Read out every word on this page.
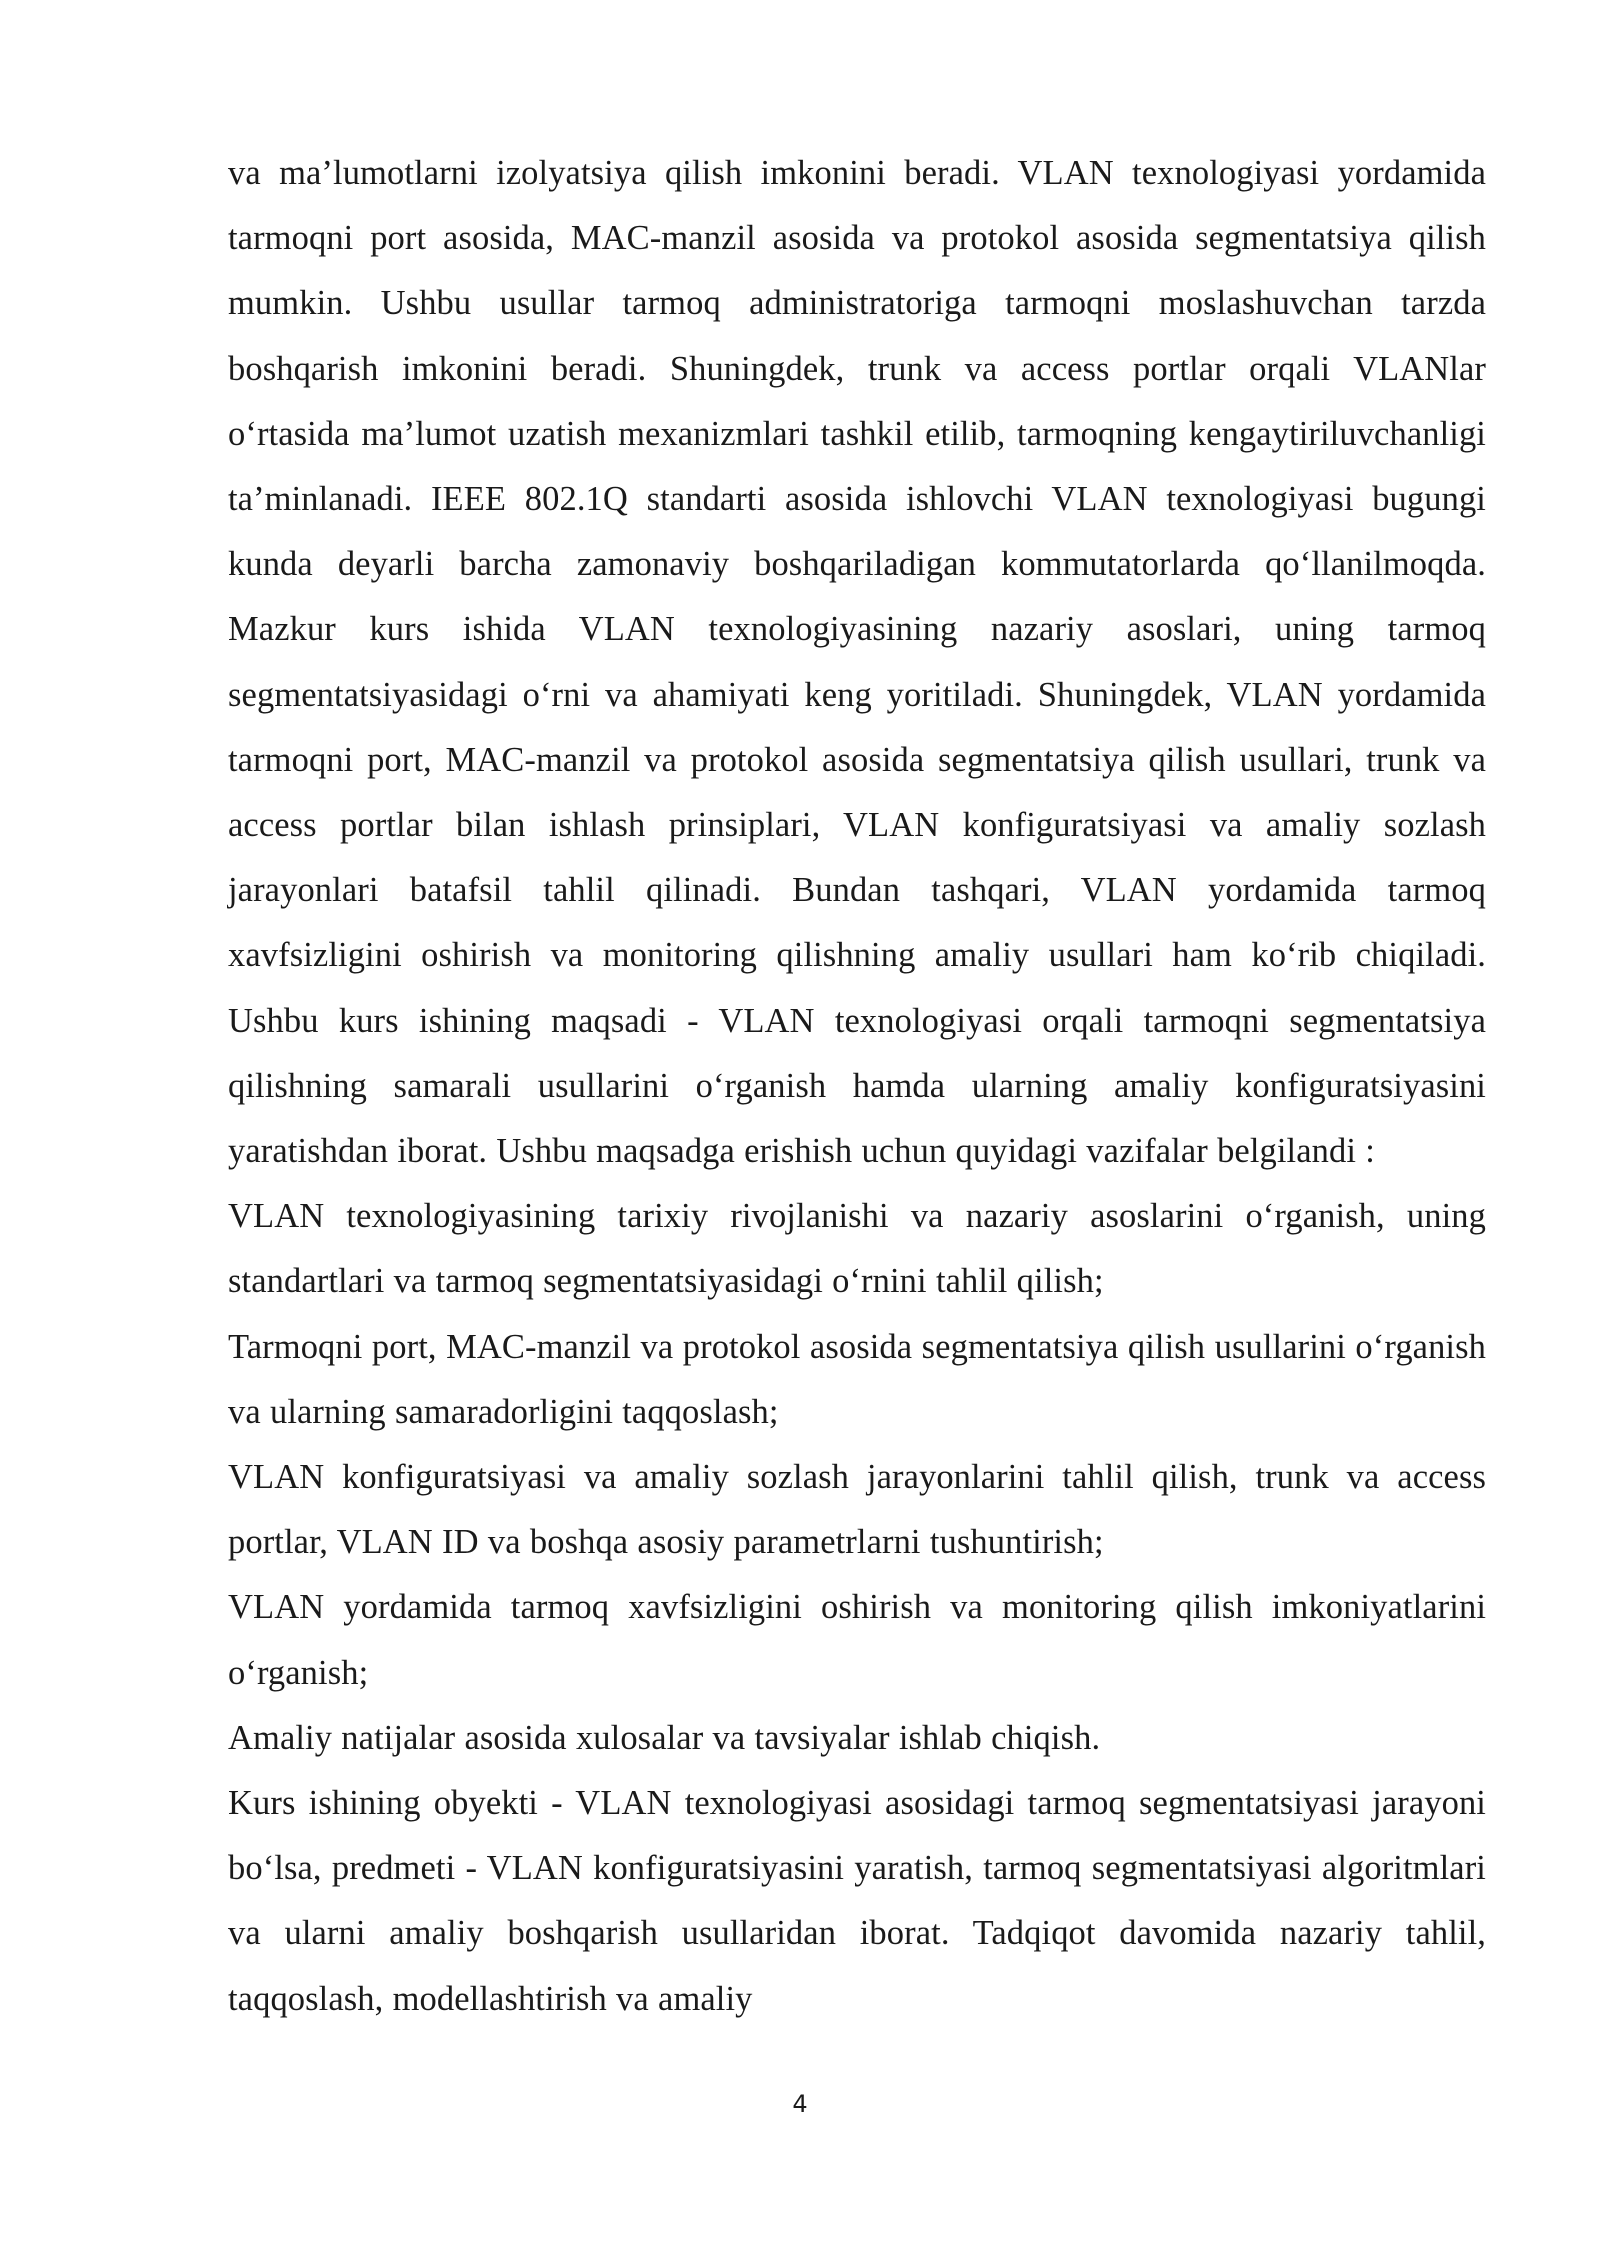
va ma’lumotlarni izolyatsiya qilish imkonini beradi. VLAN texnologiyasi yordamida tarmoqni port asosida, MAC-manzil asosida va protokol asosida segmentatsiya qilish mumkin. Ushbu usullar tarmoq administratoriga tarmoqni moslashuvchan tarzda boshqarish imkonini beradi. Shuningdek, trunk va access portlar orqali VLANlar o‘rtasida ma’lumot uzatish mexanizmlari tashkil etilib, tarmoqning kengaytiriluvchanligi ta’minlanadi. IEEE 802.1Q standarti asosida ishlovchi VLAN texnologiyasi bugungi kunda deyarli barcha zamonaviy boshqariladigan kommutatorlarda qo‘llanilmoqda. Mazkur kurs ishida VLAN texnologiyasining nazariy asoslari, uning tarmoq segmentatsiyasidagi o‘rni va ahamiyati keng yoritiladi. Shuningdek, VLAN yordamida tarmoqni port, MAC-manzil va protokol asosida segmentatsiya qilish usullari, trunk va access portlar bilan ishlash prinsiplari, VLAN konfiguratsiyasi va amaliy sozlash jarayonlari batafsil tahlil qilinadi. Bundan tashqari, VLAN yordamida tarmoq xavfsizligini oshirish va monitoring qilishning amaliy usullari ham ko‘rib chiqiladi. Ushbu kurs ishining maqsadi - VLAN texnologiyasi orqali tarmoqni segmentatsiya qilishning samarali usullarini o‘rganish hamda ularning amaliy konfiguratsiyasini yaratishdan iborat. Ushbu maqsadga erishish uchun quyidagi vazifalar belgilandi :

VLAN texnologiyasining tarixiy rivojlanishi va nazariy asoslarini o‘rganish, uning standartlari va tarmoq segmentatsiyasidagi o‘rnini tahlil qilish;

Tarmoqni port, MAC-manzil va protokol asosida segmentatsiya qilish usullarini o‘rganish va ularning samaradorligini taqqoslash;

VLAN konfiguratsiyasi va amaliy sozlash jarayonlarini tahlil qilish, trunk va access portlar, VLAN ID va boshqa asosiy parametrlarni tushuntirish;

VLAN yordamida tarmoq xavfsizligini oshirish va monitoring qilish imkoniyatlarini o‘rganish;

Amaliy natijalar asosida xulosalar va tavsiyalar ishlab chiqish.

Kurs ishining obyekti - VLAN texnologiyasi asosidagi tarmoq segmentatsiyasi jarayoni bo‘lsa, predmeti - VLAN konfiguratsiyasini yaratish, tarmoq segmentatsiyasi algoritmlari va ularni amaliy boshqarish usullaridan iborat. Tadqiqot davomida nazariy tahlil, taqqoslash, modellashtirish va amaliy

4
